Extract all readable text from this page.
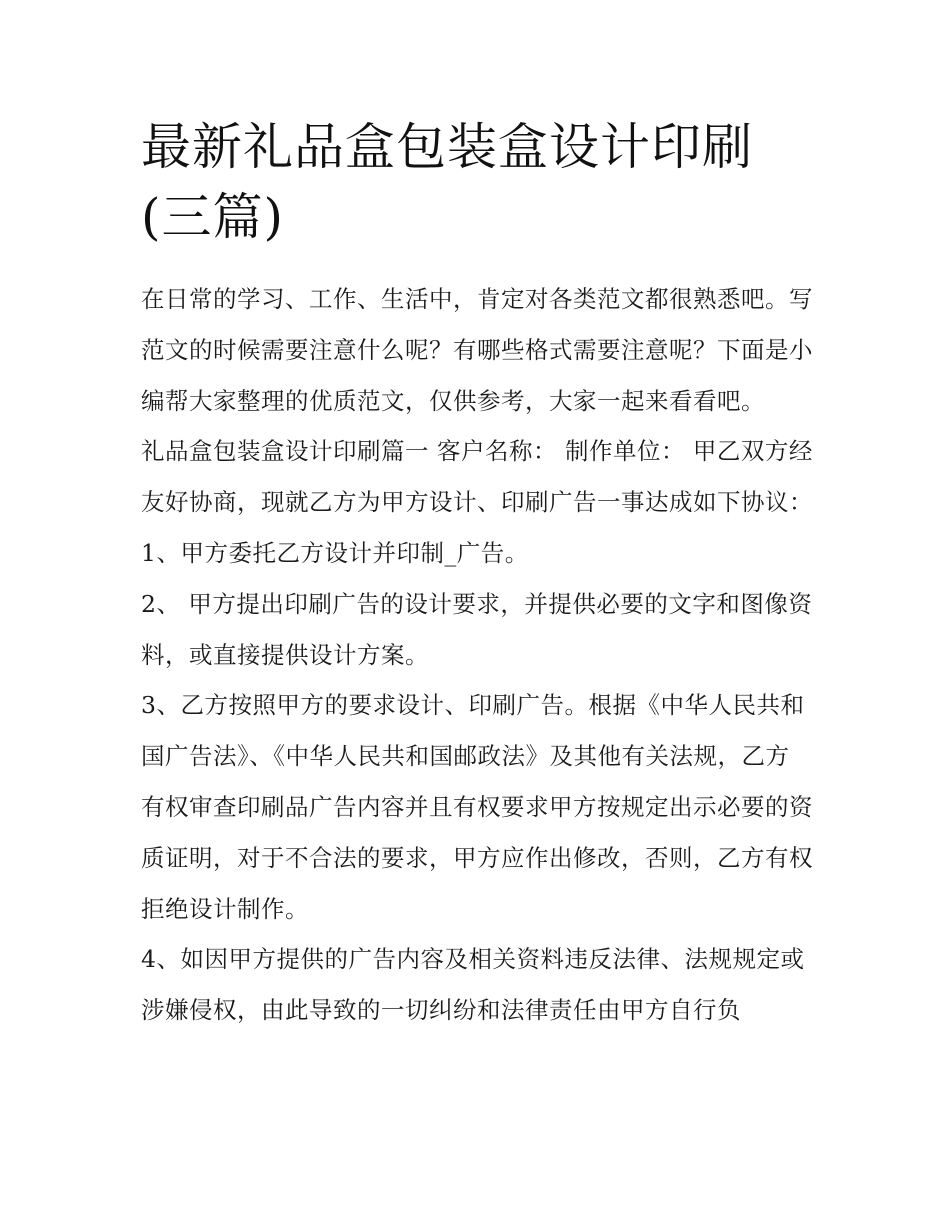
最新礼品盒包装盒设计印刷(三篇)

在日常的学习、工作、生活中，肯定对各类范文都很熟悉吧。写范文的时候需要注意什么呢？有哪些格式需要注意呢？下面是小编帮大家整理的优质范文，仅供参考，大家一起来看看吧。

礼品盒包装盒设计印刷篇一 客户名称： 制作单位： 甲乙双方经友好协商，现就乙方为甲方设计、印刷广告一事达成如下协议： 1、甲方委托乙方设计并印制_广告。

2、 甲方提出印刷广告的设计要求，并提供必要的文字和图像资料，或直接提供设计方案。

3、乙方按照甲方的要求设计、印刷广告。根据《中华人民共和国广告法》、《中华人民共和国邮政法》及其他有关法规，乙方有权审查印刷品广告内容并且有权要求甲方按规定出示必要的资质证明，对于不合法的要求，甲方应作出修改，否则，乙方有权拒绝设计制作。

4、如因甲方提供的广告内容及相关资料违反法律、法规规定或涉嫌侵权，由此导致的一切纠纷和法律责任由甲方自行负
